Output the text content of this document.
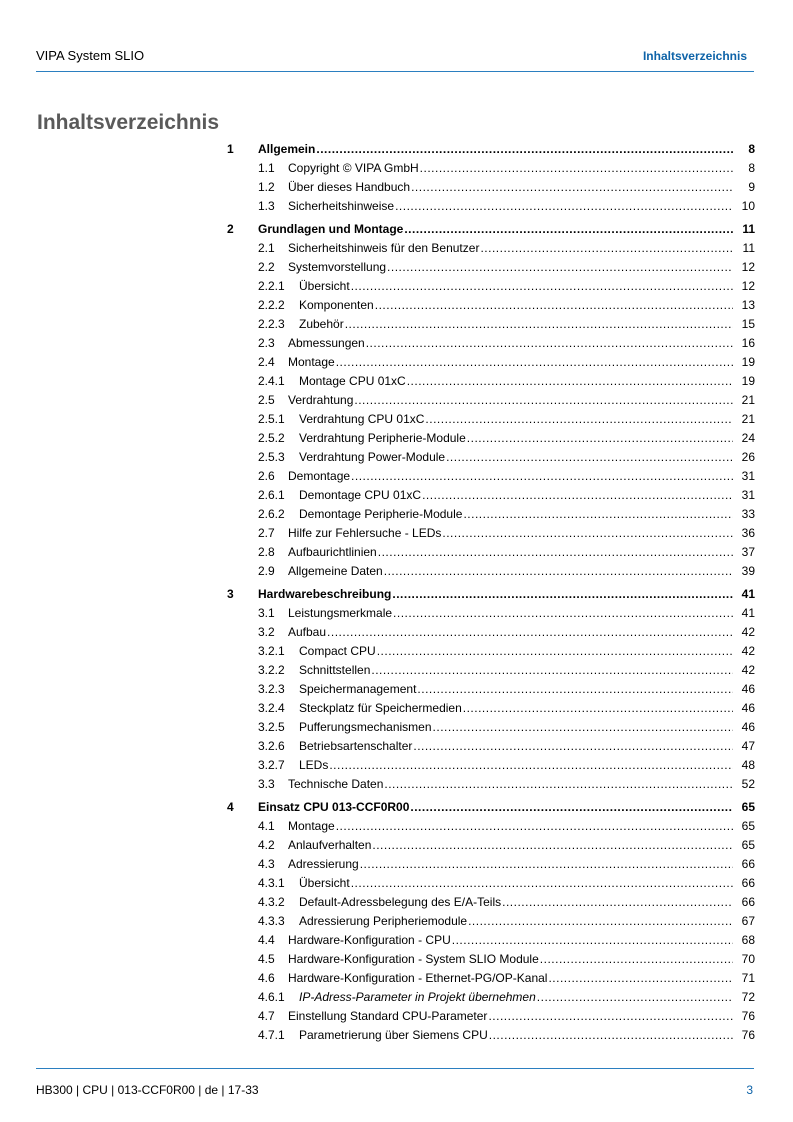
VIPA System SLIO	Inhaltsverzeichnis
Inhaltsverzeichnis
1 Allgemein .....	8
1.1 Copyright © VIPA GmbH .....	8
1.2 Über dieses Handbuch .....	9
1.3 Sicherheitshinweise .....	10
2 Grundlagen und Montage .....	11
2.1 Sicherheitshinweis für den Benutzer .....	11
2.2 Systemvorstellung .....	12
2.2.1 Übersicht .....	12
2.2.2 Komponenten .....	13
2.2.3 Zubehör .....	15
2.3 Abmessungen .....	16
2.4 Montage .....	19
2.4.1 Montage CPU 01xC .....	19
2.5 Verdrahtung .....	21
2.5.1 Verdrahtung CPU 01xC .....	21
2.5.2 Verdrahtung Peripherie-Module .....	24
2.5.3 Verdrahtung Power-Module .....	26
2.6 Demontage .....	31
2.6.1 Demontage CPU 01xC .....	31
2.6.2 Demontage Peripherie-Module .....	33
2.7 Hilfe zur Fehlersuche - LEDs .....	36
2.8 Aufbaurichtlinien .....	37
2.9 Allgemeine Daten .....	39
3 Hardwarebeschreibung .....	41
3.1 Leistungsmerkmale .....	41
3.2 Aufbau .....	42
3.2.1 Compact CPU .....	42
3.2.2 Schnittstellen .....	42
3.2.3 Speichermanagement .....	46
3.2.4 Steckplatz für Speichermedien .....	46
3.2.5 Pufferungsmechanismen .....	46
3.2.6 Betriebsartenschalter .....	47
3.2.7 LEDs .....	48
3.3 Technische Daten .....	52
4 Einsatz CPU 013-CCF0R00 .....	65
4.1 Montage .....	65
4.2 Anlaufverhalten .....	65
4.3 Adressierung .....	66
4.3.1 Übersicht .....	66
4.3.2 Default-Adressbelegung des E/A-Teils .....	66
4.3.3 Adressierung Peripheriemodule .....	67
4.4 Hardware-Konfiguration - CPU .....	68
4.5 Hardware-Konfiguration - System SLIO Module .....	70
4.6 Hardware-Konfiguration - Ethernet-PG/OP-Kanal .....	71
4.6.1 IP-Adress-Parameter in Projekt übernehmen .....	72
4.7 Einstellung Standard CPU-Parameter .....	76
4.7.1 Parametrierung über Siemens CPU .....	76
HB300 | CPU | 013-CCF0R00 | de | 17-33	3
